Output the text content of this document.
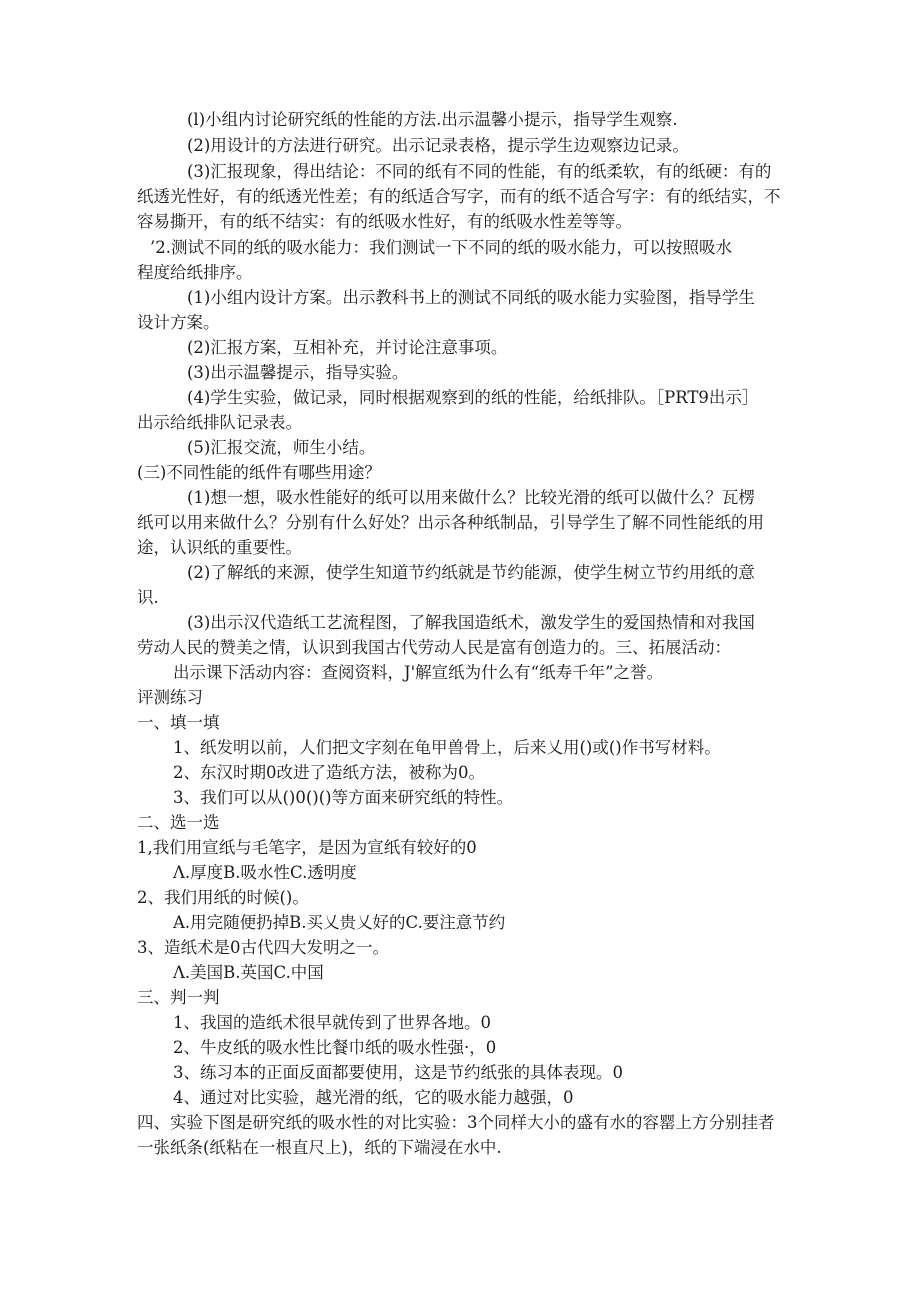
(l)小组内讨论研究纸的性能的方法.出示温馨小提示，指导学生观察.
(2)用设计的方法进行研究。出示记录表格，提示学生边观察边记录。
(3)汇报现象，得出结论：不同的纸有不同的性能，有的纸柔软，有的纸硬：有的
纸透光性好，有的纸透光性差；有的纸适合写字，而有的纸不适合写字：有的纸结实，不
容易撕开，有的纸不结实：有的纸吸水性好，有的纸吸水性差等等。
’2.测试不同的纸的吸水能力：我们测试一下不同的纸的吸水能力，可以按照吸水
程度给纸排序。
(1)小组内设计方案。出示教科书上的测试不同纸的吸水能力实验图，指导学生
设计方案。
(2)汇报方案，互相补充，并讨论注意事项。
(3)出示温馨提示，指导实验。
(4)学生实验，做记录，同时根据观察到的纸的性能，给纸排队。［PRT9出示］
出示给纸排队记录表。
(5)汇报交流，师生小结。
(三)不同性能的纸件有哪些用途？
(1)想一想，吸水性能好的纸可以用来做什么？比较光滑的纸可以做什么？瓦楞
纸可以用来做什么？分别有什么好处？出示各种纸制品，引导学生了解不同性能纸的用
途，认识纸的重要性。
(2)了解纸的来源，使学生知道节约纸就是节约能源，使学生树立节约用纸的意
识.
(3)出示汉代造纸工艺流程图，了解我国造纸术，激发学生的爱国热情和对我国
劳动人民的赞美之情，认识到我国古代劳动人民是富有创造力的。三、拓展活动：
出示课下活动内容：查阅资料，J'解宣纸为什么有“纸寿千年”之誉。
评测练习
一、填一填
1、纸发明以前，人们把文字刻在龟甲兽骨上，后来乂用()或()作书写材料。
2、东汉时期0改进了造纸方法，被称为0。
3、我们可以从()0()()等方面来研究纸的特性。
二、选一选
1,我们用宣纸与毛笔字，是因为宣纸有较好的0
Λ.厚度B.吸水性C.透明度
2、我们用纸的时候()。
A.用完随便扔掉B.买乂贵乂好的C.要注意节约
3、造纸术是0古代四大发明之一。
Λ.美国B.英国C.中国
三、判一判
1、我国的造纸术很早就传到了世界各地。0
2、牛皮纸的吸水性比餐巾纸的吸水性强·，0
3、练习本的正面反面都要使用，这是节约纸张的具体表现。0
4、通过对比实验，越光滑的纸，它的吸水能力越强，0
四、实验下图是研究纸的吸水性的对比实验：3个同样大小的盛有水的容罂上方分别挂者
一张纸条(纸粘在一根直尺上)，纸的下端浸在水中.
